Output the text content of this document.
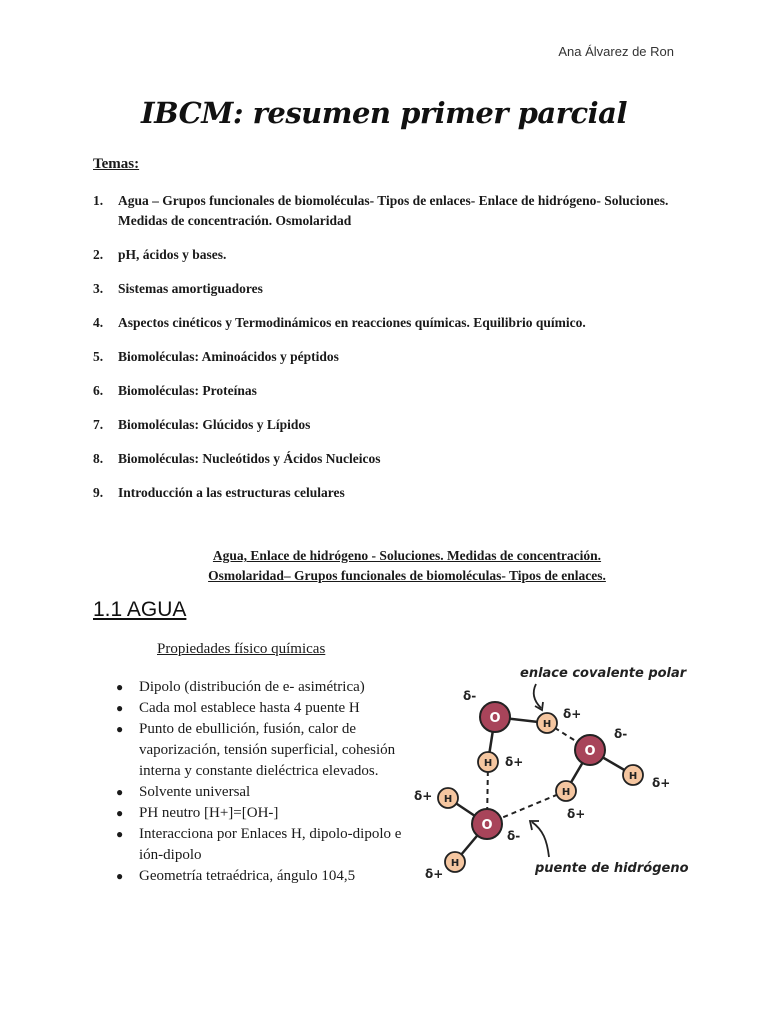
Ana Álvarez de Ron
IBCM: resumen primer parcial
Temas:
1. Agua – Grupos funcionales de biomoléculas- Tipos de enlaces- Enlace de hidrógeno- Soluciones. Medidas de concentración. Osmolaridad
2. pH, ácidos y bases.
3. Sistemas amortiguadores
4. Aspectos cinéticos y Termodinámicos en reacciones químicas. Equilibrio químico.
5. Biomoléculas: Aminoácidos y péptidos
6. Biomoléculas: Proteínas
7. Biomoléculas: Glúcidos y Lípidos
8. Biomoléculas: Nucleótidos y Ácidos Nucleicos
9. Introducción a las estructuras celulares
Agua, Enlace de hidrógeno - Soluciones. Medidas de concentración.
Osmolaridad– Grupos funcionales de biomoléculas- Tipos de enlaces.
1.1 AGUA
Propiedades físico químicas
● Dipolo (distribución de e- asimétrica)
● Cada mol establece hasta 4 puente H
● Punto de ebullición, fusión, calor de vaporización, tensión superficial, cohesión interna y constante dieléctrica elevados.
● Solvente universal
● PH neutro [H+]=[OH-]
● Interacciona por Enlaces H, dipolo-dipolo e ión-dipolo
● Geometría tetraédrica, ángulo 104,5
O
O
O
H
H
H
H
H
H
δ-
δ+
δ-
δ+
δ+
δ+
δ+
δ-
δ+
enlace covalente polar
puente de hidrógeno
